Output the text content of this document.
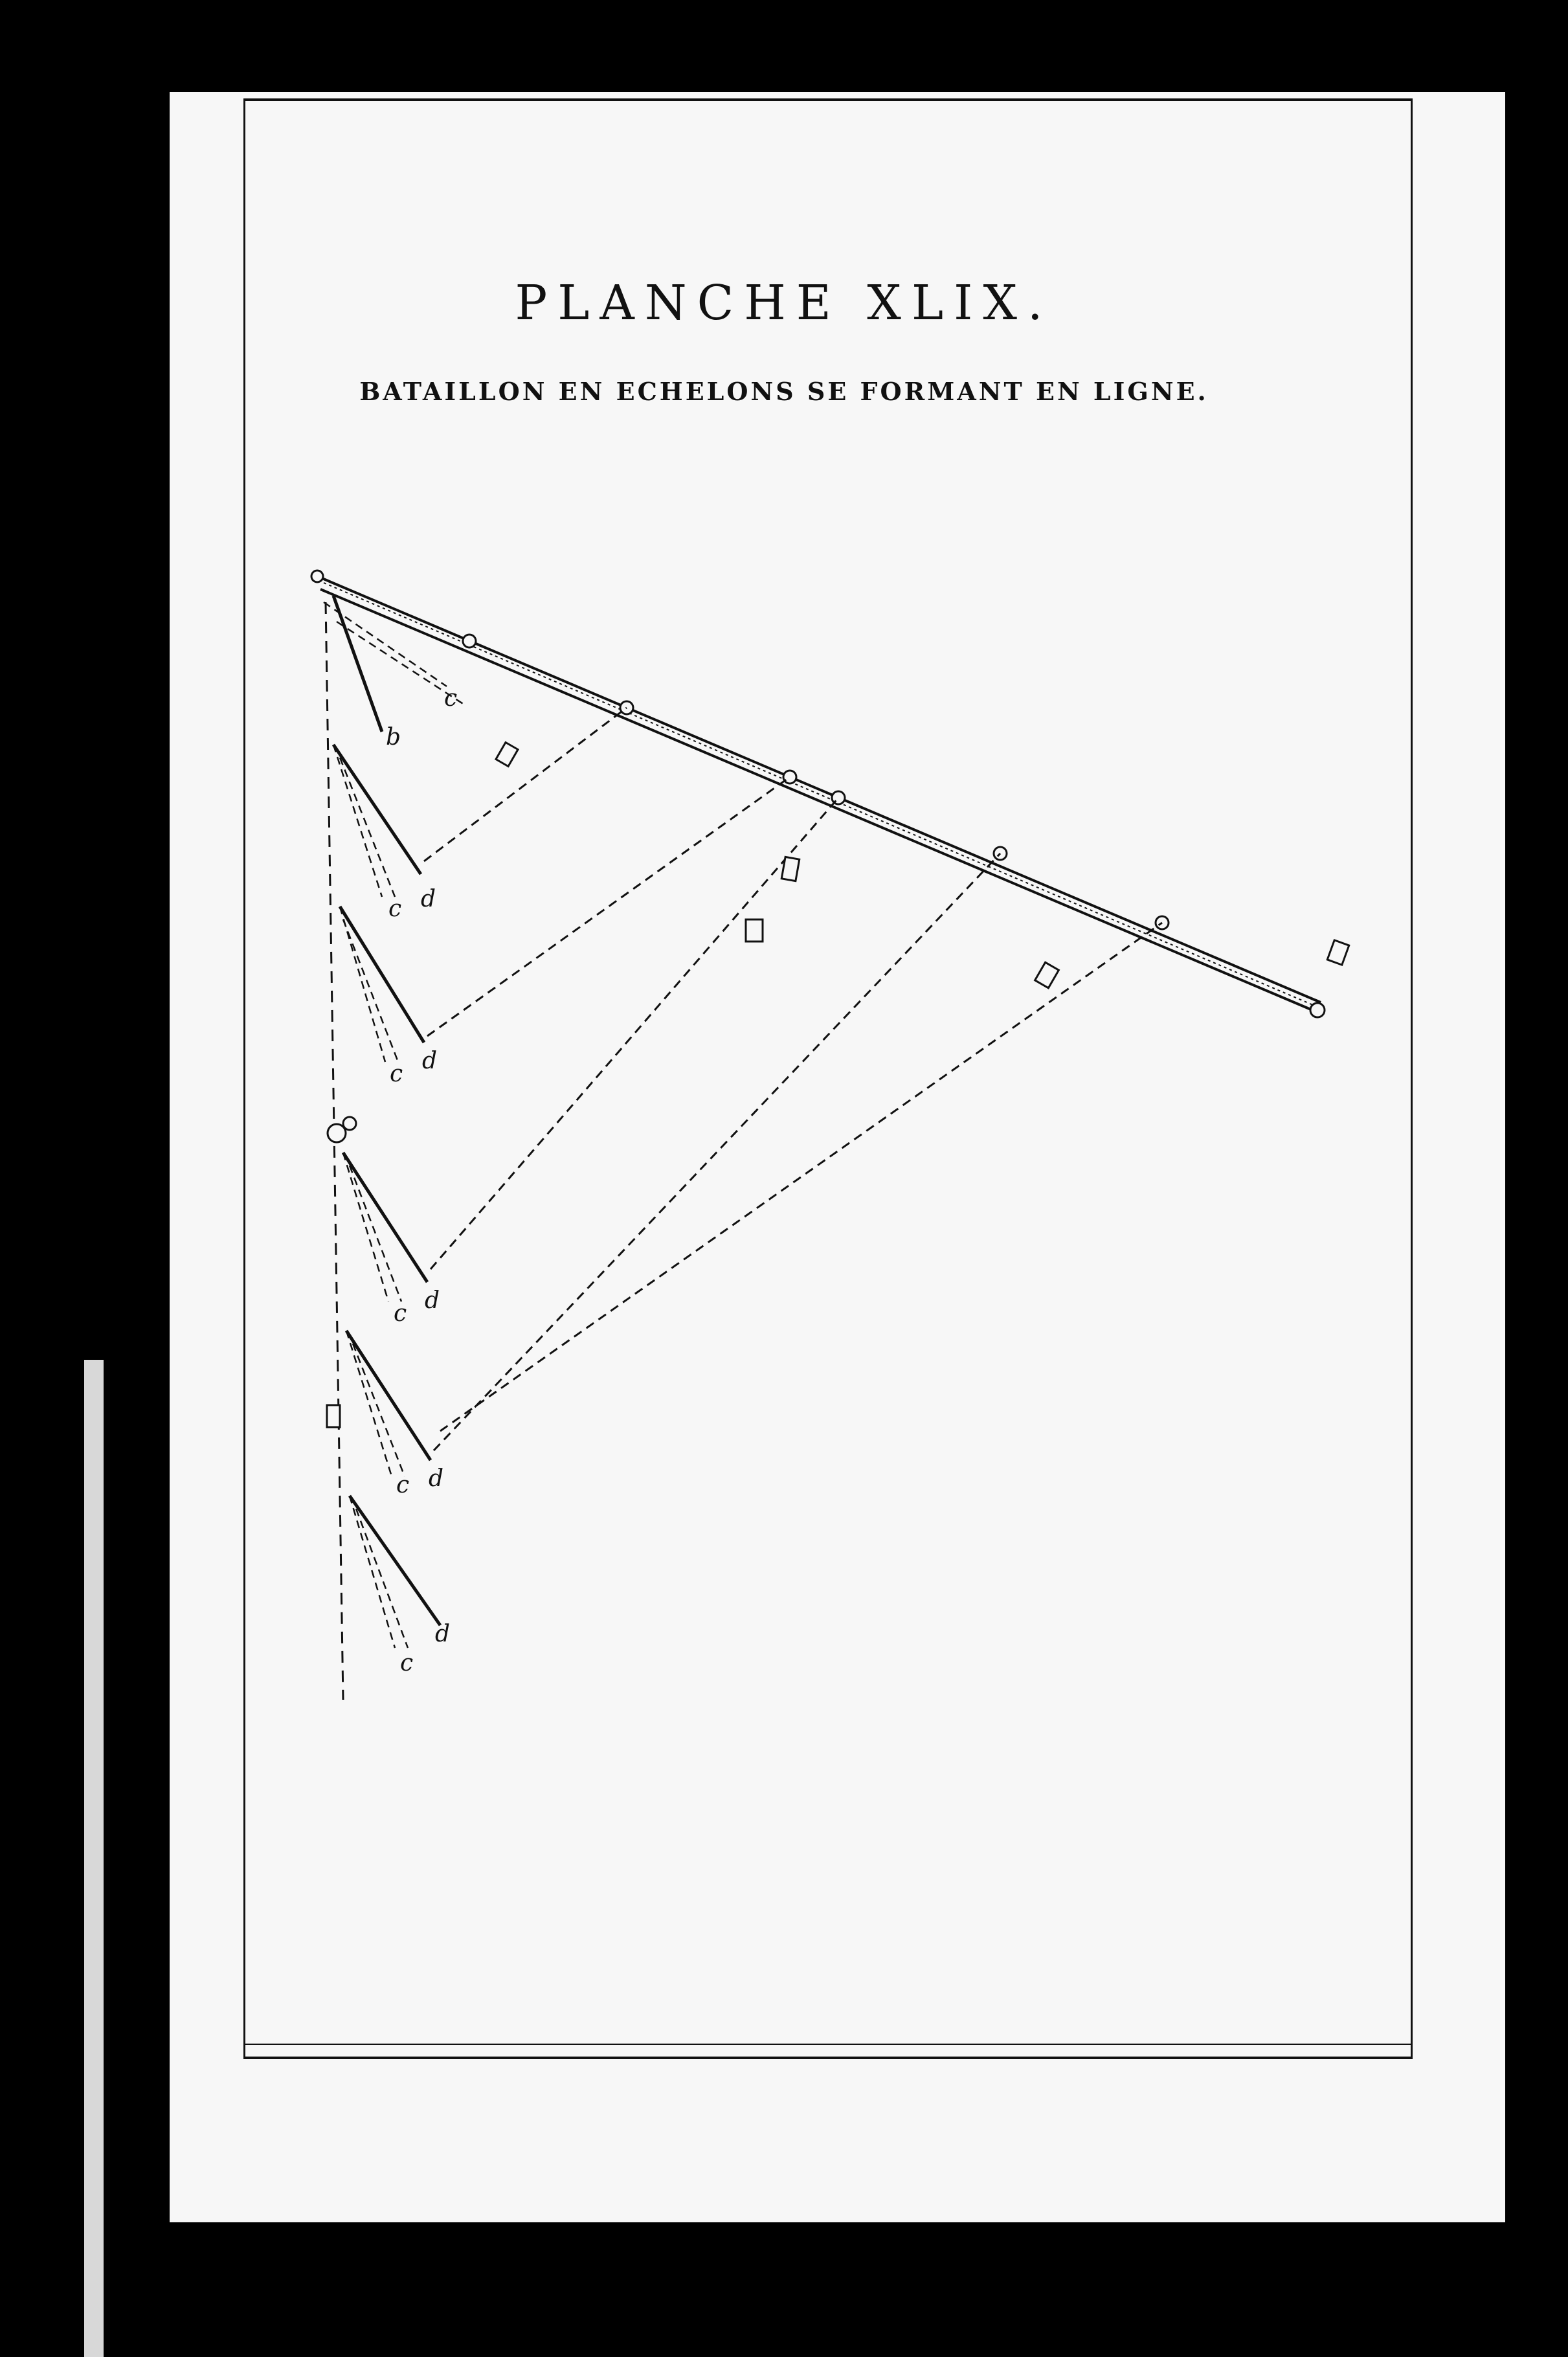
PLANCHE XLIX.
BATAILLON EN ECHELONS SE FORMANT EN LIGNE.
b
c d
c d
c d
c d
c
d
c
